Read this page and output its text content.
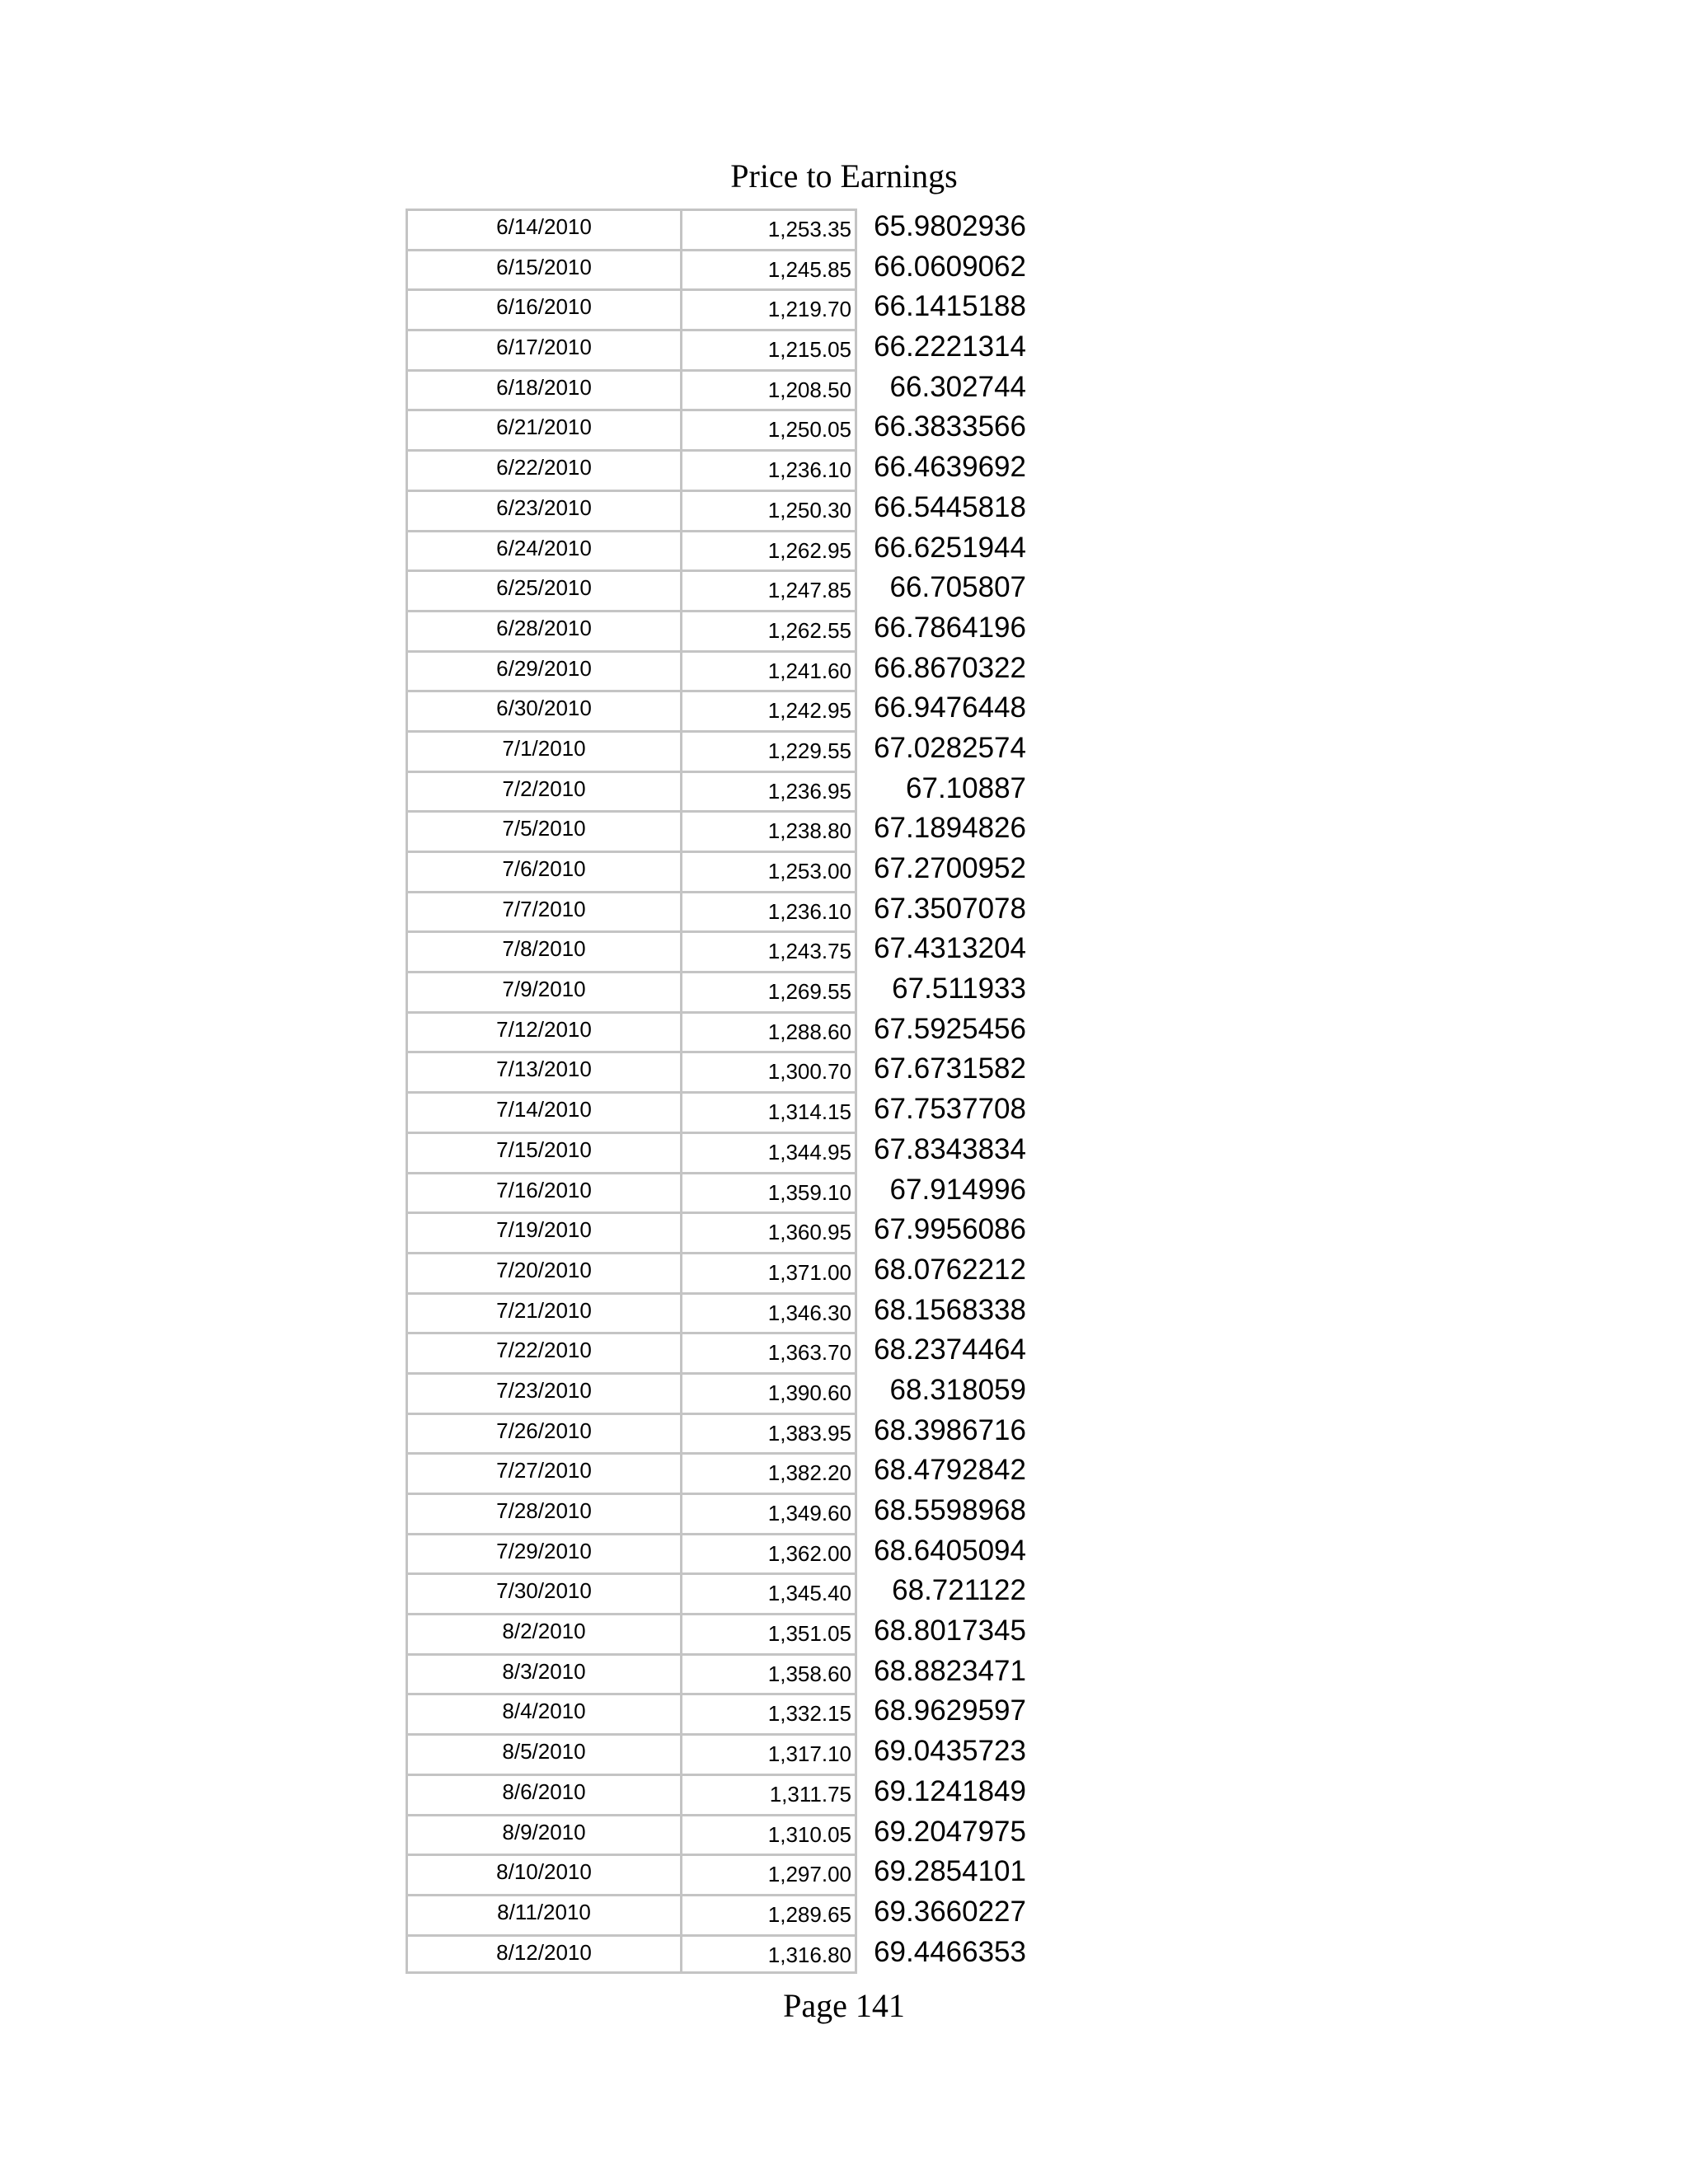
Price to Earnings
6/14/2010	1,253.35 65.9802936
6/15/2010	1,245.85 66.0609062
6/16/2010	1,219.70 66.1415188
6/17/2010	1,215.05 66.2221314
6/18/2010	1,208.50	66.302744
6/21/2010	1,250.05 66.3833566
6/22/2010	1,236.10 66.4639692
6/23/2010	1,250.30 66.5445818
6/24/2010	1,262.95 66.6251944
6/25/2010	1,247.85	66.705807
6/28/2010	1,262.55 66.7864196
6/29/2010	1,241.60 66.8670322
6/30/2010	1,242.95 66.9476448
7/1/2010	1,229.55 67.0282574
7/2/2010	1,236.95	67.10887
7/5/2010	1,238.80 67.1894826
7/6/2010	1,253.00 67.2700952
7/7/2010	1,236.10 67.3507078
7/8/2010	1,243.75 67.4313204
7/9/2010	1,269.55	67.511933
7/12/2010	1,288.60 67.5925456
7/13/2010	1,300.70 67.6731582
7/14/2010	1,314.15 67.7537708
7/15/2010	1,344.95 67.8343834
7/16/2010	1,359.10	67.914996
7/19/2010	1,360.95 67.9956086
7/20/2010	1,371.00 68.0762212
7/21/2010	1,346.30 68.1568338
7/22/2010	1,363.70 68.2374464
7/23/2010	1,390.60	68.318059
7/26/2010	1,383.95 68.3986716
7/27/2010	1,382.20 68.4792842
7/28/2010	1,349.60 68.5598968
7/29/2010	1,362.00 68.6405094
7/30/2010	1,345.40	68.721122
8/2/2010	1,351.05 68.8017345
8/3/2010	1,358.60 68.8823471
8/4/2010	1,332.15 68.9629597
8/5/2010	1,317.10 69.0435723
8/6/2010	1,311.75 69.1241849
8/9/2010	1,310.05 69.2047975
8/10/2010	1,297.00 69.2854101
8/11/2010	1,289.65 69.3660227
8/12/2010	1,316.80 69.4466353
Page 141
